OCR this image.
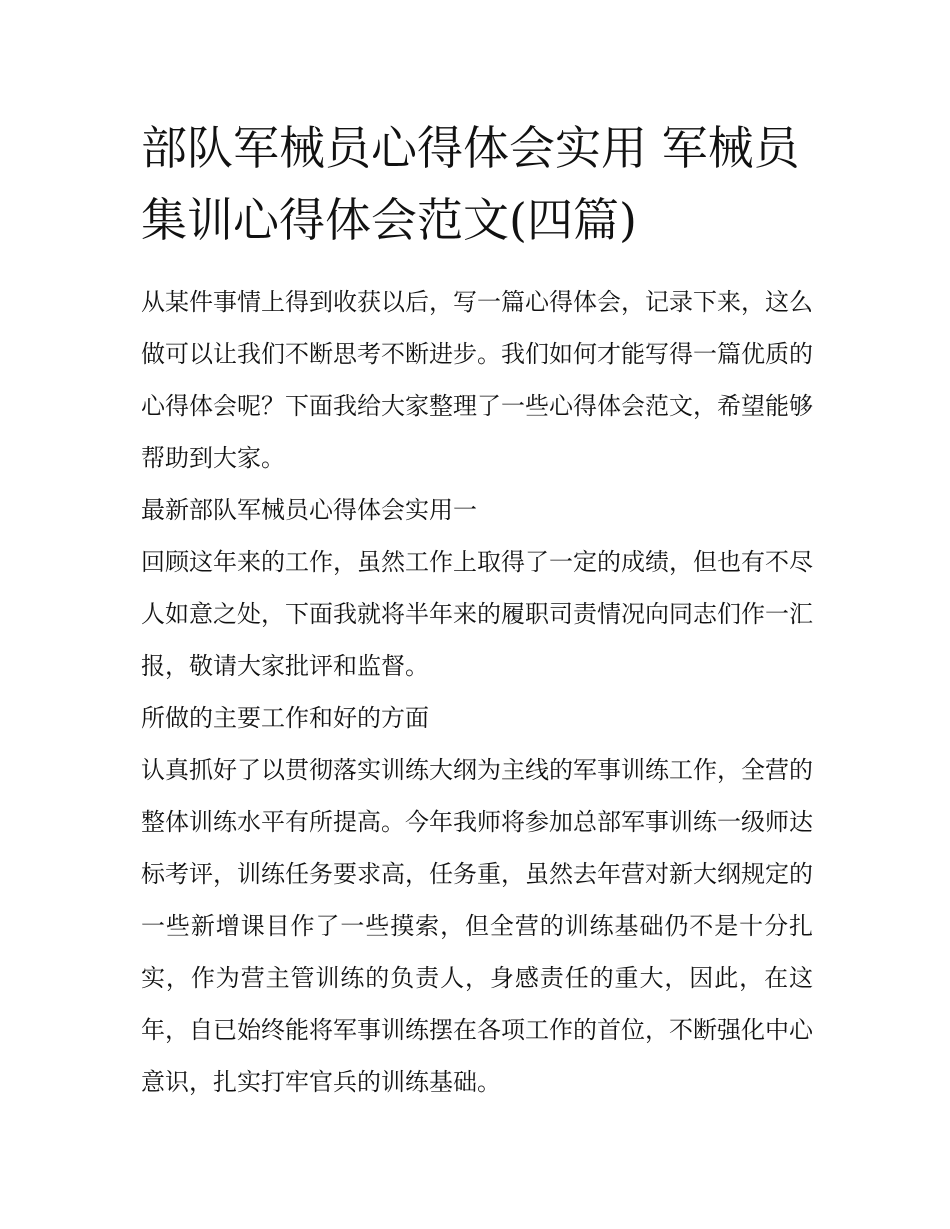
部队军械员心得体会实用 军械员集训心得体会范文(四篇)

从某件事情上得到收获以后，写一篇心得体会，记录下来，这么做可以让我们不断思考不断进步。我们如何才能写得一篇优质的心得体会呢？下面我给大家整理了一些心得体会范文，希望能够帮助到大家。

最新部队军械员心得体会实用一

回顾这年来的工作，虽然工作上取得了一定的成绩，但也有不尽人如意之处，下面我就将半年来的履职司责情况向同志们作一汇报，敬请大家批评和监督。

所做的主要工作和好的方面

认真抓好了以贯彻落实训练大纲为主线的军事训练工作，全营的整体训练水平有所提高。今年我师将参加总部军事训练一级师达标考评，训练任务要求高，任务重，虽然去年营对新大纲规定的一些新增课目作了一些摸索，但全营的训练基础仍不是十分扎实，作为营主管训练的负责人，身感责任的重大，因此，在这年，自已始终能将军事训练摆在各项工作的首位，不断强化中心意识，扎实打牢官兵的训练基础。
